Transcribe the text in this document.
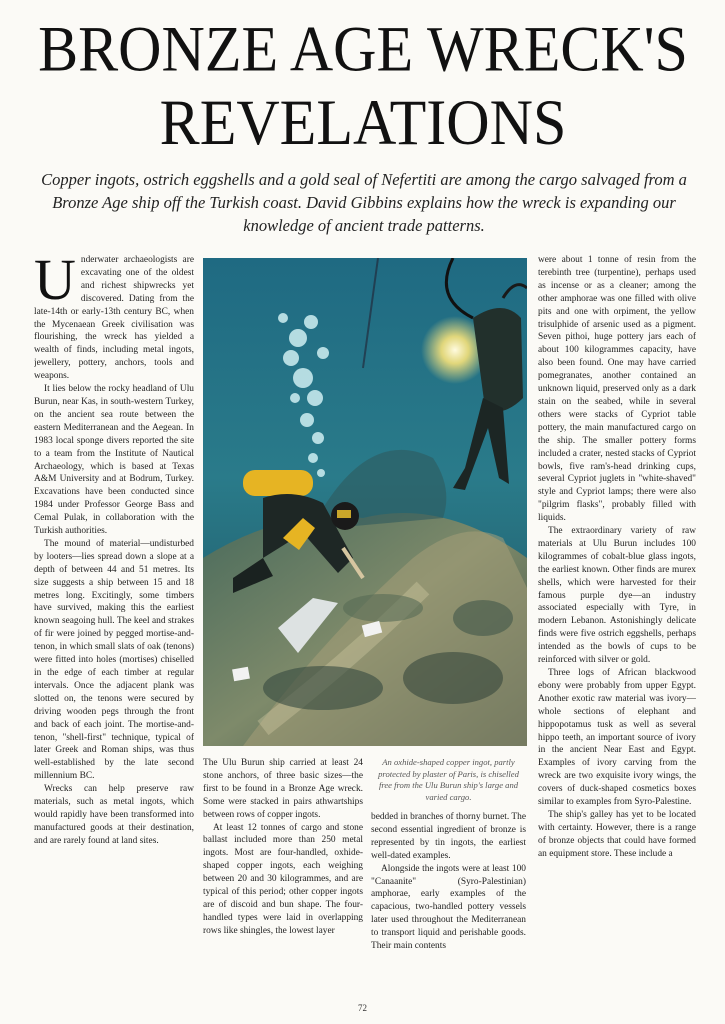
BRONZE AGE WRECK'S REVELATIONS

Copper ingots, ostrich eggshells and a gold seal of Nefertiti are among the cargo salvaged from a Bronze Age ship off the Turkish coast. David Gibbins explains how the wreck is expanding our knowledge of ancient trade patterns.

Underwater archaeologists are excavating one of the oldest and richest shipwrecks yet discovered. Dating from the late-14th or early-13th century BC, when the Mycenaean Greek civilisation was flourishing, the wreck has yielded a wealth of finds, including metal ingots, jewellery, pottery, anchors, tools and weapons.

It lies below the rocky headland of Ulu Burun, near Kas, in south-western Turkey, on the ancient sea route between the eastern Mediterranean and the Aegean. In 1983 local sponge divers reported the site to a team from the Institute of Nautical Archaeology, which is based at Texas A&M University and at Bodrum, Turkey. Excavations have been conducted since 1984 under Professor George Bass and Cemal Pulak, in collaboration with the Turkish authorities.

The mound of material—undisturbed by looters—lies spread down a slope at a depth of between 44 and 51 metres. Its size suggests a ship between 15 and 18 metres long. Excitingly, some timbers have survived, making this the earliest known seagoing hull. The keel and strakes of fir were joined by pegged mortise-and-tenon, in which small slats of oak (tenons) were fitted into holes (mortises) chiselled in the edge of each timber at regular intervals. Once the adjacent plank was slotted on, the tenons were secured by driving wooden pegs through the front and back of each joint. The mortise-and-tenon, "shell-first" technique, typical of later Greek and Roman ships, was thus well-established by the late second millennium BC.

Wrecks can help preserve raw materials, such as metal ingots, which would rapidly have been transformed into manufactured goods at their destination, and are rarely found at land sites.

The Ulu Burun ship carried at least 24 stone anchors, of three basic sizes—the first to be found in a Bronze Age wreck. Some were stacked in pairs athwartships between rows of copper ingots.

At least 12 tonnes of cargo and stone ballast included more than 250 metal ingots. Most are four-handled, oxhide-shaped copper ingots, each weighing between 20 and 30 kilogrammes, and are typical of this period; other copper ingots are of discoid and bun shape. The four-handled types were laid in overlapping rows like shingles, the lowest layer

An oxhide-shaped copper ingot, partly protected by plaster of Paris, is chiselled free from the Ulu Burun ship's large and varied cargo.

bedded in branches of thorny burnet. The second essential ingredient of bronze is represented by tin ingots, the earliest well-dated examples.

Alongside the ingots were at least 100 "Canaanite" (Syro-Palestinian) amphorae, early examples of the capacious, two-handled pottery vessels later used throughout the Mediterranean to transport liquid and perishable goods. Their main contents

were about 1 tonne of resin from the terebinth tree (turpentine), perhaps used as incense or as a cleaner; among the other amphorae was one filled with olive pits and one with orpiment, the yellow trisulphide of arsenic used as a pigment. Seven pithoi, huge pottery jars each of about 100 kilogrammes capacity, have also been found. One may have carried pomegranates, another contained an unknown liquid, preserved only as a dark stain on the seabed, while in several others were stacks of Cypriot table pottery, the main manufactured cargo on the ship. The smaller pottery forms included a crater, nested stacks of Cypriot bowls, five ram's-head drinking cups, several Cypriot juglets in "white-shaved" style and Cypriot lamps; there were also "pilgrim flasks", probably filled with liquids.

The extraordinary variety of raw materials at Ulu Burun includes 100 kilogrammes of cobalt-blue glass ingots, the earliest known. Other finds are murex shells, which were harvested for their famous purple dye—an industry associated especially with Tyre, in modern Lebanon. Astonishingly delicate finds were five ostrich eggshells, perhaps intended as the bowls of cups to be reinforced with silver or gold.

Three logs of African blackwood ebony were probably from upper Egypt. Another exotic raw material was ivory—whole sections of elephant and hippopotamus tusk as well as several hippo teeth, an important source of ivory in the ancient Near East and Egypt. Examples of ivory carving from the wreck are two exquisite ivory wings, the covers of duck-shaped cosmetics boxes similar to examples from Syro-Palestine.

The ship's galley has yet to be located with certainty. However, there is a range of bronze objects that could have formed an equipment store. These include a

72
